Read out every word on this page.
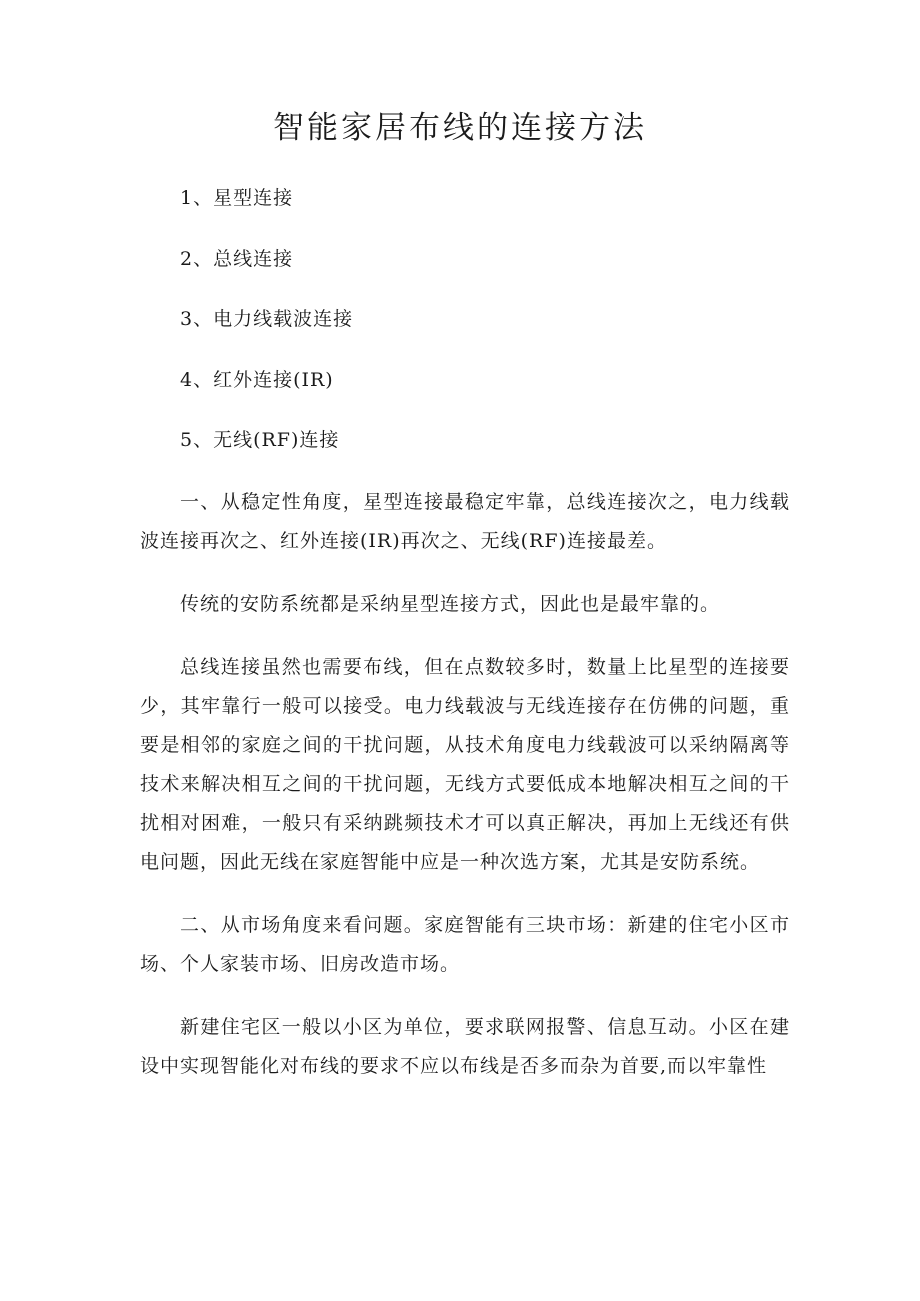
智能家居布线的连接方法
1、星型连接
2、总线连接
3、电力线载波连接
4、红外连接(IR)
5、无线(RF)连接

一、从稳定性角度，星型连接最稳定牢靠，总线连接次之，电力线载波连接再次之、红外连接(IR)再次之、无线(RF)连接最差。

传统的安防系统都是采纳星型连接方式，因此也是最牢靠的。

总线连接虽然也需要布线，但在点数较多时，数量上比星型的连接要少，其牢靠行一般可以接受。电力线载波与无线连接存在仿佛的问题，重要是相邻的家庭之间的干扰问题，从技术角度电力线载波可以采纳隔离等技术来解决相互之间的干扰问题，无线方式要低成本地解决相互之间的干扰相对困难，一般只有采纳跳频技术才可以真正解决，再加上无线还有供电问题，因此无线在家庭智能中应是一种次选方案，尤其是安防系统。

二、从市场角度来看问题。家庭智能有三块市场：新建的住宅小区市场、个人家装市场、旧房改造市场。

新建住宅区一般以小区为单位，要求联网报警、信息互动。小区在建设中实现智能化对布线的要求不应以布线是否多而杂为首要,而以牢靠性
